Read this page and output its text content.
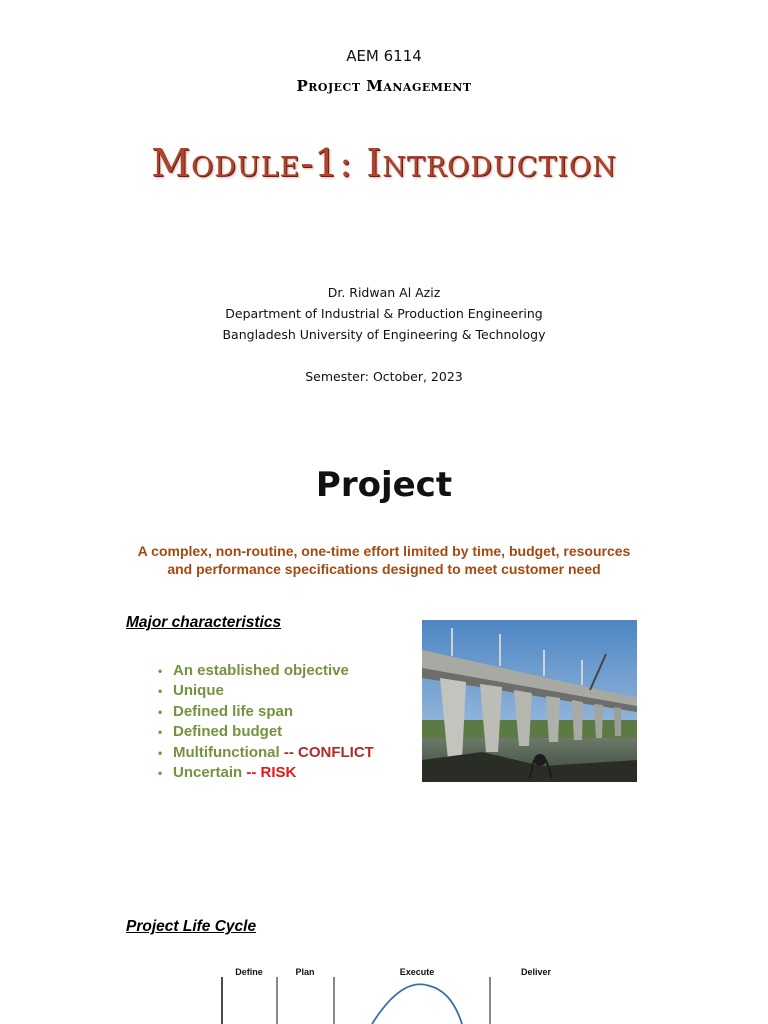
AEM 6114
Project Management
Module-1: Introduction
Dr. Ridwan Al Aziz
Department of Industrial & Production Engineering
Bangladesh University of Engineering & Technology
Semester: October, 2023
Project
A complex, non-routine, one-time effort limited by time, budget, resources
and performance specifications designed to meet customer need
Major characteristics
• An established objective
• Unique
• Defined life span
• Defined budget
• Multifunctional -- CONFLICT
• Uncertain -- RISK
Project Life Cycle
Define	Plan	Execute	Deliver
